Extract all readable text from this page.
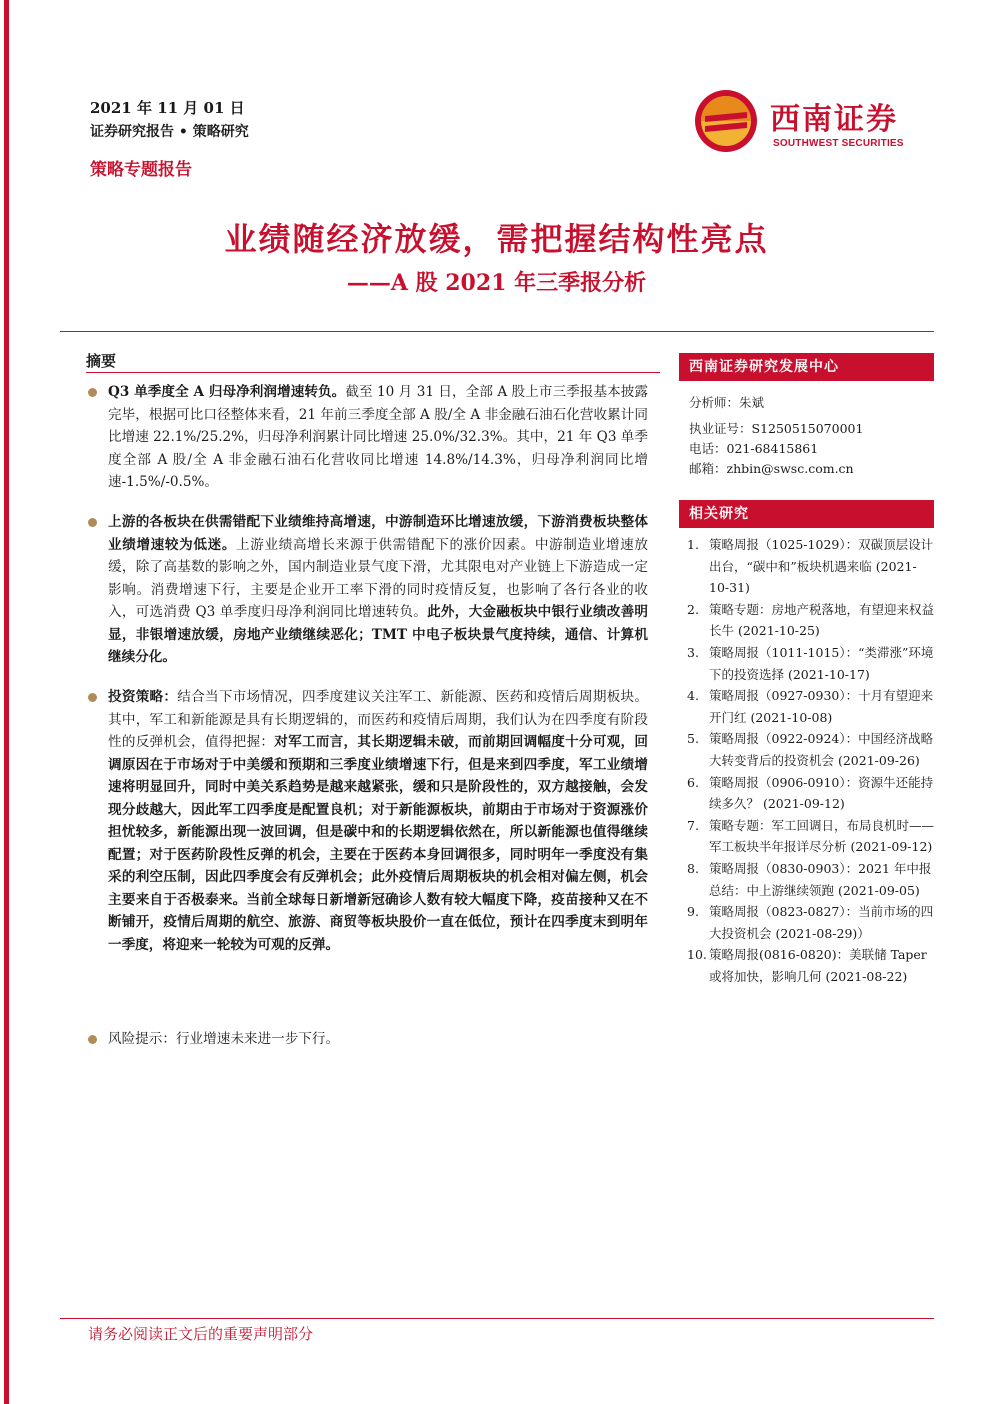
2021 年 11 月 01 日
证券研究报告 • 策略研究
策略专题报告
西南证券
SOUTHWEST SECURITIES
业绩随经济放缓，需把握结构性亮点
——A 股 2021 年三季报分析
摘要
Q3 单季度全 A 归母净利润增速转负。截至 10 月 31 日，全部 A 股上市三季报基本披露完毕，根据可比口径整体来看，21 年前三季度全部 A 股/全 A 非金融石油石化营收累计同比增速 22.1%/25.2%，归母净利润累计同比增速 25.0%/32.3%。其中，21 年 Q3 单季度全部 A 股/全 A 非金融石油石化营收同比增速 14.8%/14.3%，归母净利润同比增速-1.5%/-0.5%。
上游的各板块在供需错配下业绩维持高增速，中游制造环比增速放缓，下游消费板块整体业绩增速较为低迷。上游业绩高增长来源于供需错配下的涨价因素。中游制造业增速放缓，除了高基数的影响之外，国内制造业景气度下滑，尤其限电对产业链上下游造成一定影响。消费增速下行，主要是企业开工率下滑的同时疫情反复，也影响了各行各业的收入，可选消费 Q3 单季度归母净利润同比增速转负。此外，大金融板块中银行业绩改善明显，非银增速放缓，房地产业绩继续恶化；TMT 中电子板块景气度持续，通信、计算机继续分化。
投资策略：结合当下市场情况，四季度建议关注军工、新能源、医药和疫情后周期板块。其中，军工和新能源是具有长期逻辑的，而医药和疫情后周期，我们认为在四季度有阶段性的反弹机会，值得把握：对军工而言，其长期逻辑未破，而前期回调幅度十分可观，回调原因在于市场对于中美缓和预期和三季度业绩增速下行，但是来到四季度，军工业绩增速将明显回升，同时中美关系趋势是越来越紧张，缓和只是阶段性的，双方越接触，会发现分歧越大，因此军工四季度是配置良机；对于新能源板块，前期由于市场对于资源涨价担忧较多，新能源出现一波回调，但是碳中和的长期逻辑依然在，所以新能源也值得继续配置；对于医药阶段性反弹的机会，主要在于医药本身回调很多，同时明年一季度没有集采的利空压制，因此四季度会有反弹机会；此外疫情后周期板块的机会相对偏左侧，机会主要来自于否极泰来。当前全球每日新增新冠确诊人数有较大幅度下降，疫苗接种又在不断铺开，疫情后周期的航空、旅游、商贸等板块股价一直在低位，预计在四季度末到明年一季度，将迎来一轮较为可观的反弹。
风险提示：行业增速未来进一步下行。
西南证券研究发展中心
分析师：朱斌
执业证号：S1250515070001
电话：021-68415861
邮箱：zhbin@swsc.com.cn
相关研究
1. 策略周报（1025-1029）：双碳顶层设计出台，“碳中和”板块机遇来临 (2021-10-31)
2. 策略专题：房地产税落地，有望迎来权益长牛 (2021-10-25)
3. 策略周报（1011-1015）：“类滞涨”环境下的投资选择 (2021-10-17)
4. 策略周报（0927-0930）：十月有望迎来开门红 (2021-10-08)
5. 策略周报（0922-0924）：中国经济战略大转变背后的投资机会 (2021-09-26)
6. 策略周报（0906-0910）：资源牛还能持续多久？ (2021-09-12)
7. 策略专题：军工回调日，布局良机时——军工板块半年报详尽分析 (2021-09-12)
8. 策略周报（0830-0903）：2021 年中报总结：中上游继续领跑 (2021-09-05)
9. 策略周报（0823-0827）：当前市场的四大投资机会 (2021-08-29)）
10. 策略周报(0816-0820)：美联储 Taper 或将加快，影响几何 (2021-08-22)
请务必阅读正文后的重要声明部分
